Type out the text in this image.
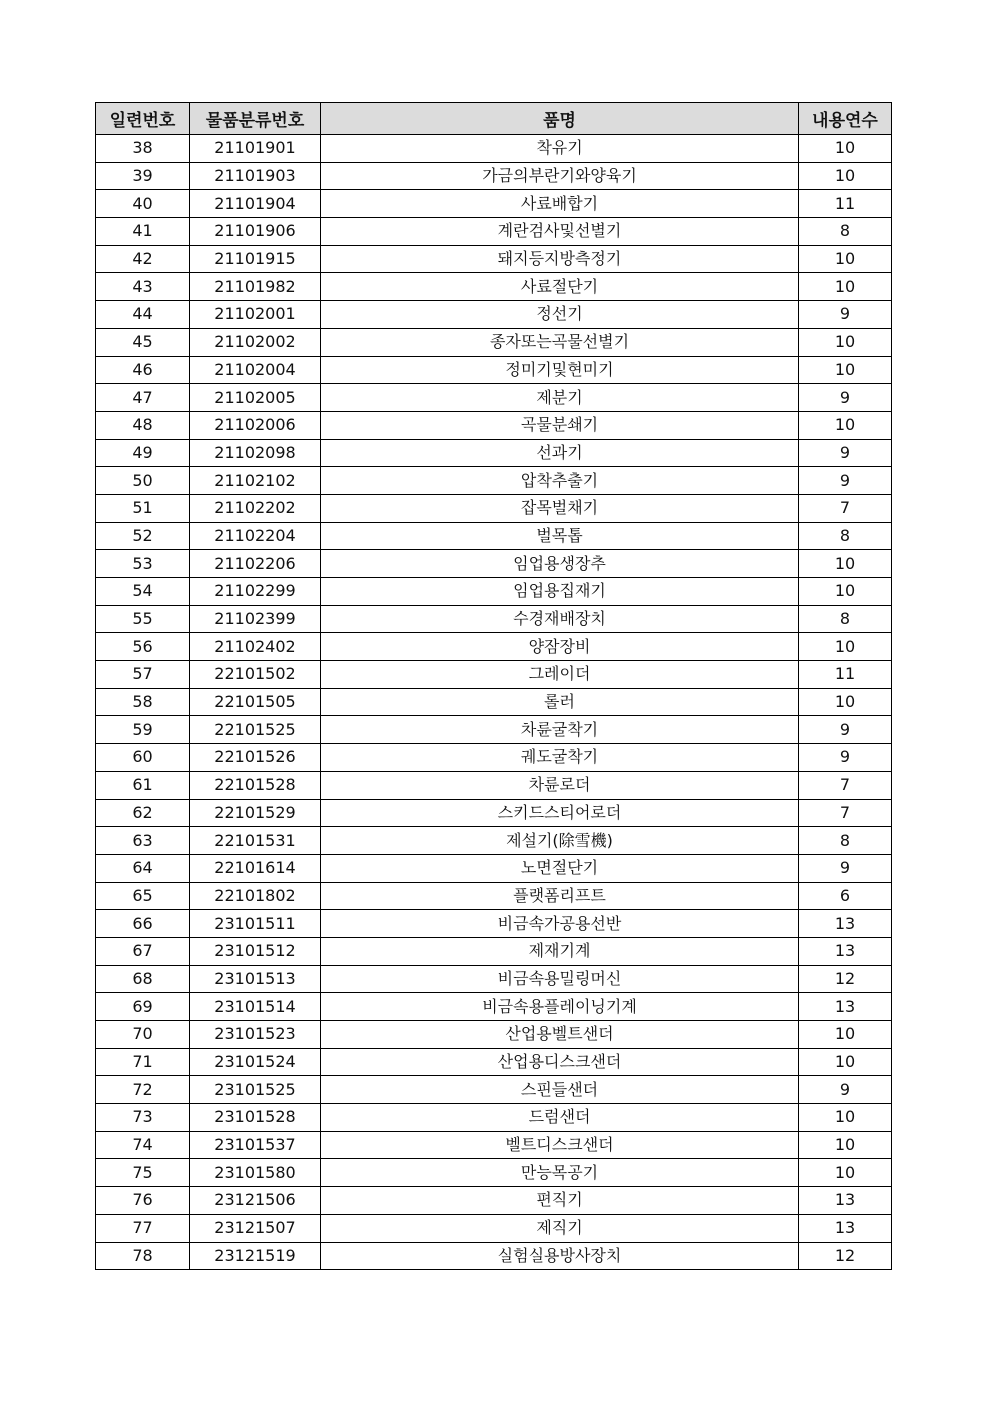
일련번호	물품분류번호	품명	내용연수
38	21101901	착유기	10
39	21101903	가금의부란기와양육기	10
40	21101904	사료배합기	11
41	21101906	계란검사및선별기	8
42	21101915	돼지등지방측정기	10
43	21101982	사료절단기	10
44	21102001	정선기	9
45	21102002	종자또는곡물선별기	10
46	21102004	정미기및현미기	10
47	21102005	제분기	9
48	21102006	곡물분쇄기	10
49	21102098	선과기	9
50	21102102	압착추출기	9
51	21102202	잡목벌채기	7
52	21102204	벌목톱	8
53	21102206	임업용생장추	10
54	21102299	임업용집재기	10
55	21102399	수경재배장치	8
56	21102402	양잠장비	10
57	22101502	그레이더	11
58	22101505	롤러	10
59	22101525	차륜굴착기	9
60	22101526	궤도굴착기	9
61	22101528	차륜로더	7
62	22101529	스키드스티어로더	7
63	22101531	제설기(除雪機)	8
64	22101614	노면절단기	9
65	22101802	플랫폼리프트	6
66	23101511	비금속가공용선반	13
67	23101512	제재기계	13
68	23101513	비금속용밀링머신	12
69	23101514	비금속용플레이닝기계	13
70	23101523	산업용벨트샌더	10
71	23101524	산업용디스크샌더	10
72	23101525	스핀들샌더	9
73	23101528	드럼샌더	10
74	23101537	벨트디스크샌더	10
75	23101580	만능목공기	10
76	23121506	편직기	13
77	23121507	제직기	13
78	23121519	실험실용방사장치	12
